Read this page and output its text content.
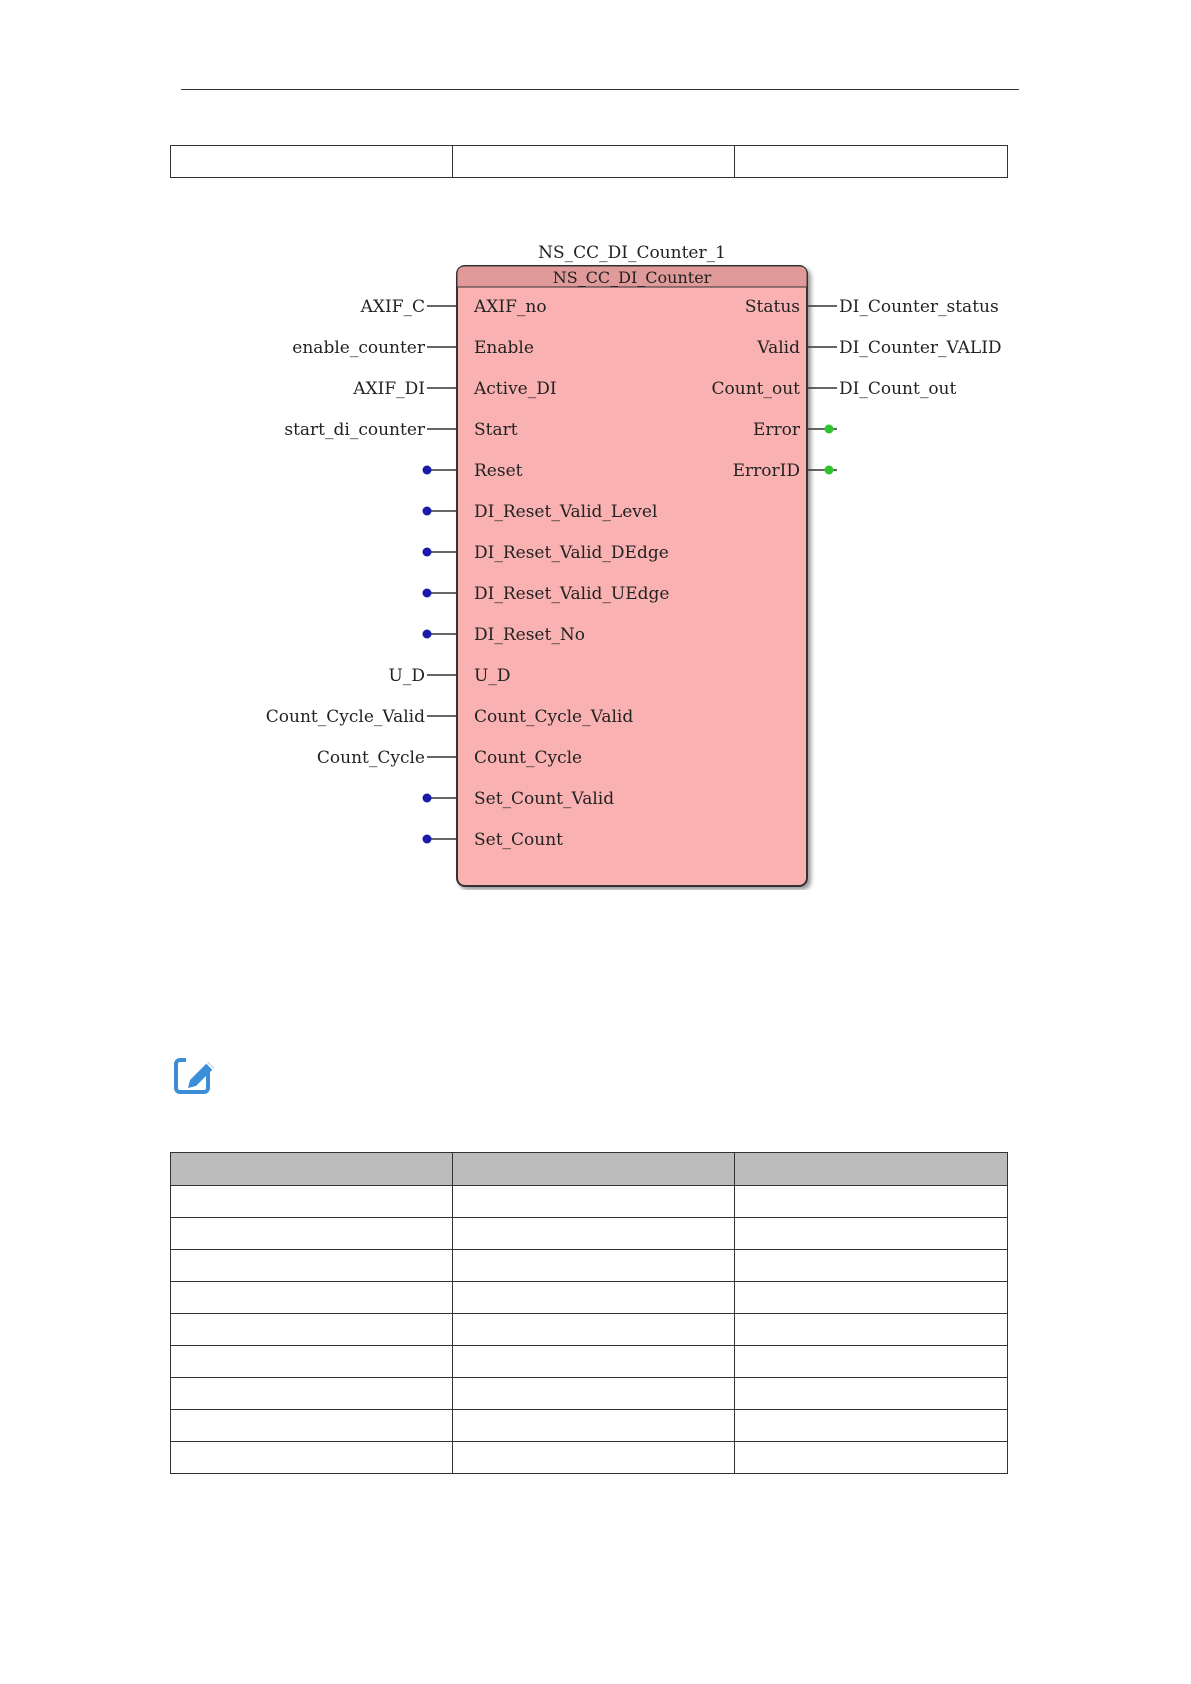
NS_CC_DI_Counter_1
NS_CC_DI_Counter
AXIF_no
AXIF_C
Enable
enable_counter
Active_DI
AXIF_DI
Start
start_di_counter
Reset
DI_Reset_Valid_Level
DI_Reset_Valid_DEdge
DI_Reset_Valid_UEdge
DI_Reset_No
U_D
U_D
Count_Cycle_Valid
Count_Cycle_Valid
Count_Cycle
Count_Cycle
Set_Count_Valid
Set_Count
Status DI_Counter_status
Valid DI_Counter_VALID
Count_out DI_Count_out
Error
ErrorID
